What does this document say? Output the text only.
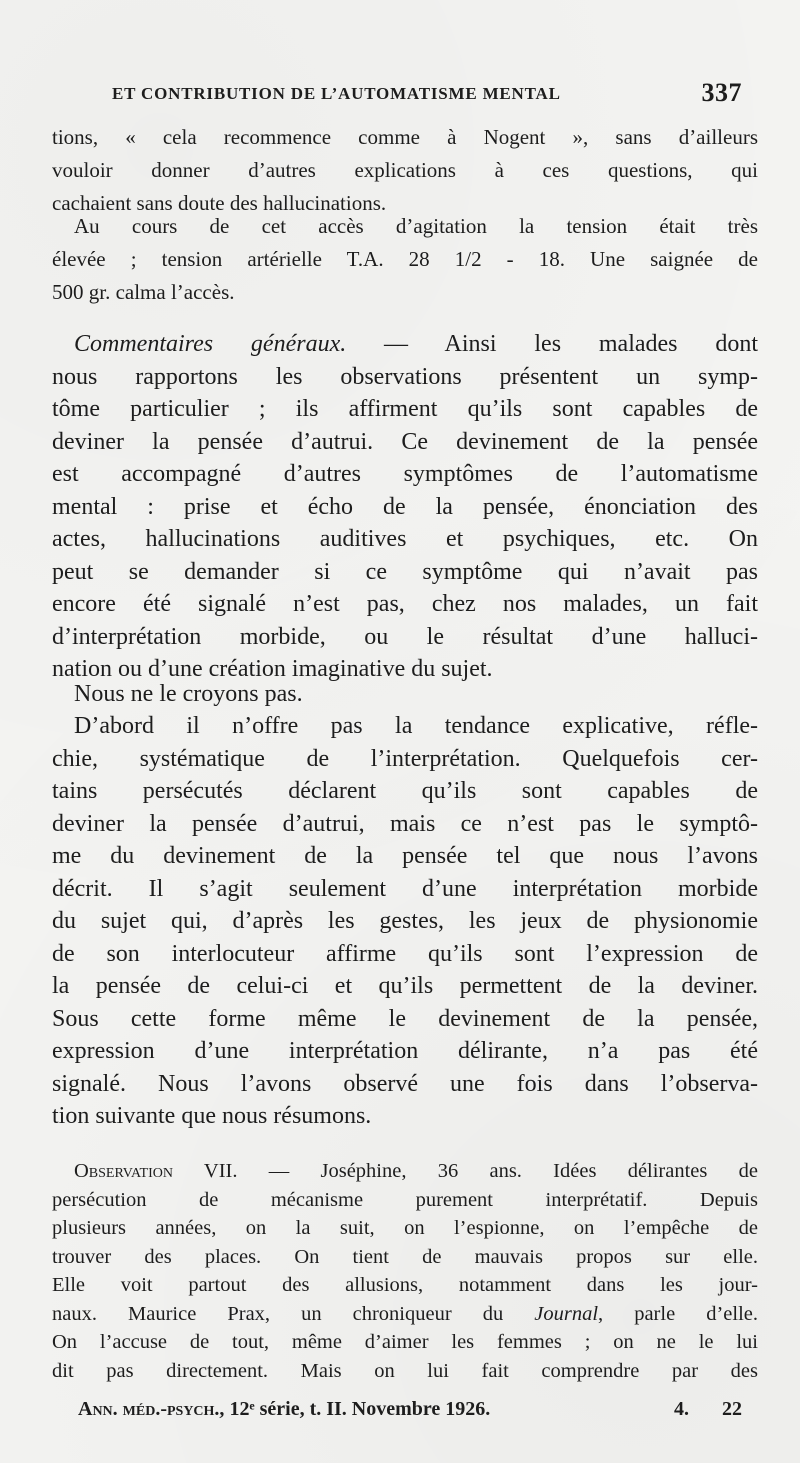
ET CONTRIBUTION DE L’AUTOMATISME MENTAL	337
tions, « cela recommence comme à Nogent », sans d’ailleurs
vouloir donner d’autres explications à ces questions, qui
cachaient sans doute des hallucinations.
Au cours de cet accès d’agitation la tension était très
élevée ; tension artérielle T.A. 28 1/2 - 18. Une saignée de
500 gr. calma l’accès.
Commentaires généraux. — Ainsi les malades dont
nous rapportons les observations présentent un symp-
tôme particulier ; ils affirment qu’ils sont capables de
deviner la pensée d’autrui. Ce devinement de la pensée
est accompagné d’autres symptômes de l’automatisme
mental : prise et écho de la pensée, énonciation des
actes, hallucinations auditives et psychiques, etc. On
peut se demander si ce symptôme qui n’avait pas
encore été signalé n’est pas, chez nos malades, un fait
d’interprétation morbide, ou le résultat d’une halluci-
nation ou d’une création imaginative du sujet.
Nous ne le croyons pas.
D’abord il n’offre pas la tendance explicative, réfle-
chie, systématique de l’interprétation. Quelquefois cer-
tains persécutés déclarent qu’ils sont capables de
deviner la pensée d’autrui, mais ce n’est pas le symptô-
me du devinement de la pensée tel que nous l’avons
décrit. Il s’agit seulement d’une interprétation morbide
du sujet qui, d’après les gestes, les jeux de physionomie
de son interlocuteur affirme qu’ils sont l’expression de
la pensée de celui-ci et qu’ils permettent de la deviner.
Sous cette forme même le devinement de la pensée,
expression d’une interprétation délirante, n’a pas été
signalé. Nous l’avons observé une fois dans l’observa-
tion suivante que nous résumons.
Observation VII. — Joséphine, 36 ans. Idées délirantes de
persécution de mécanisme purement interprétatif. Depuis
plusieurs années, on la suit, on l’espionne, on l’empêche de
trouver des places. On tient de mauvais propos sur elle.
Elle voit partout des allusions, notamment dans les jour-
naux. Maurice Prax, un chroniqueur du Journal, parle d’elle.
On l’accuse de tout, même d’aimer les femmes ; on ne le lui
dit pas directement. Mais on lui fait comprendre par des
Ann. méd.-psych., 12ᵉ série, t. II. Novembre 1926.	4. 22
